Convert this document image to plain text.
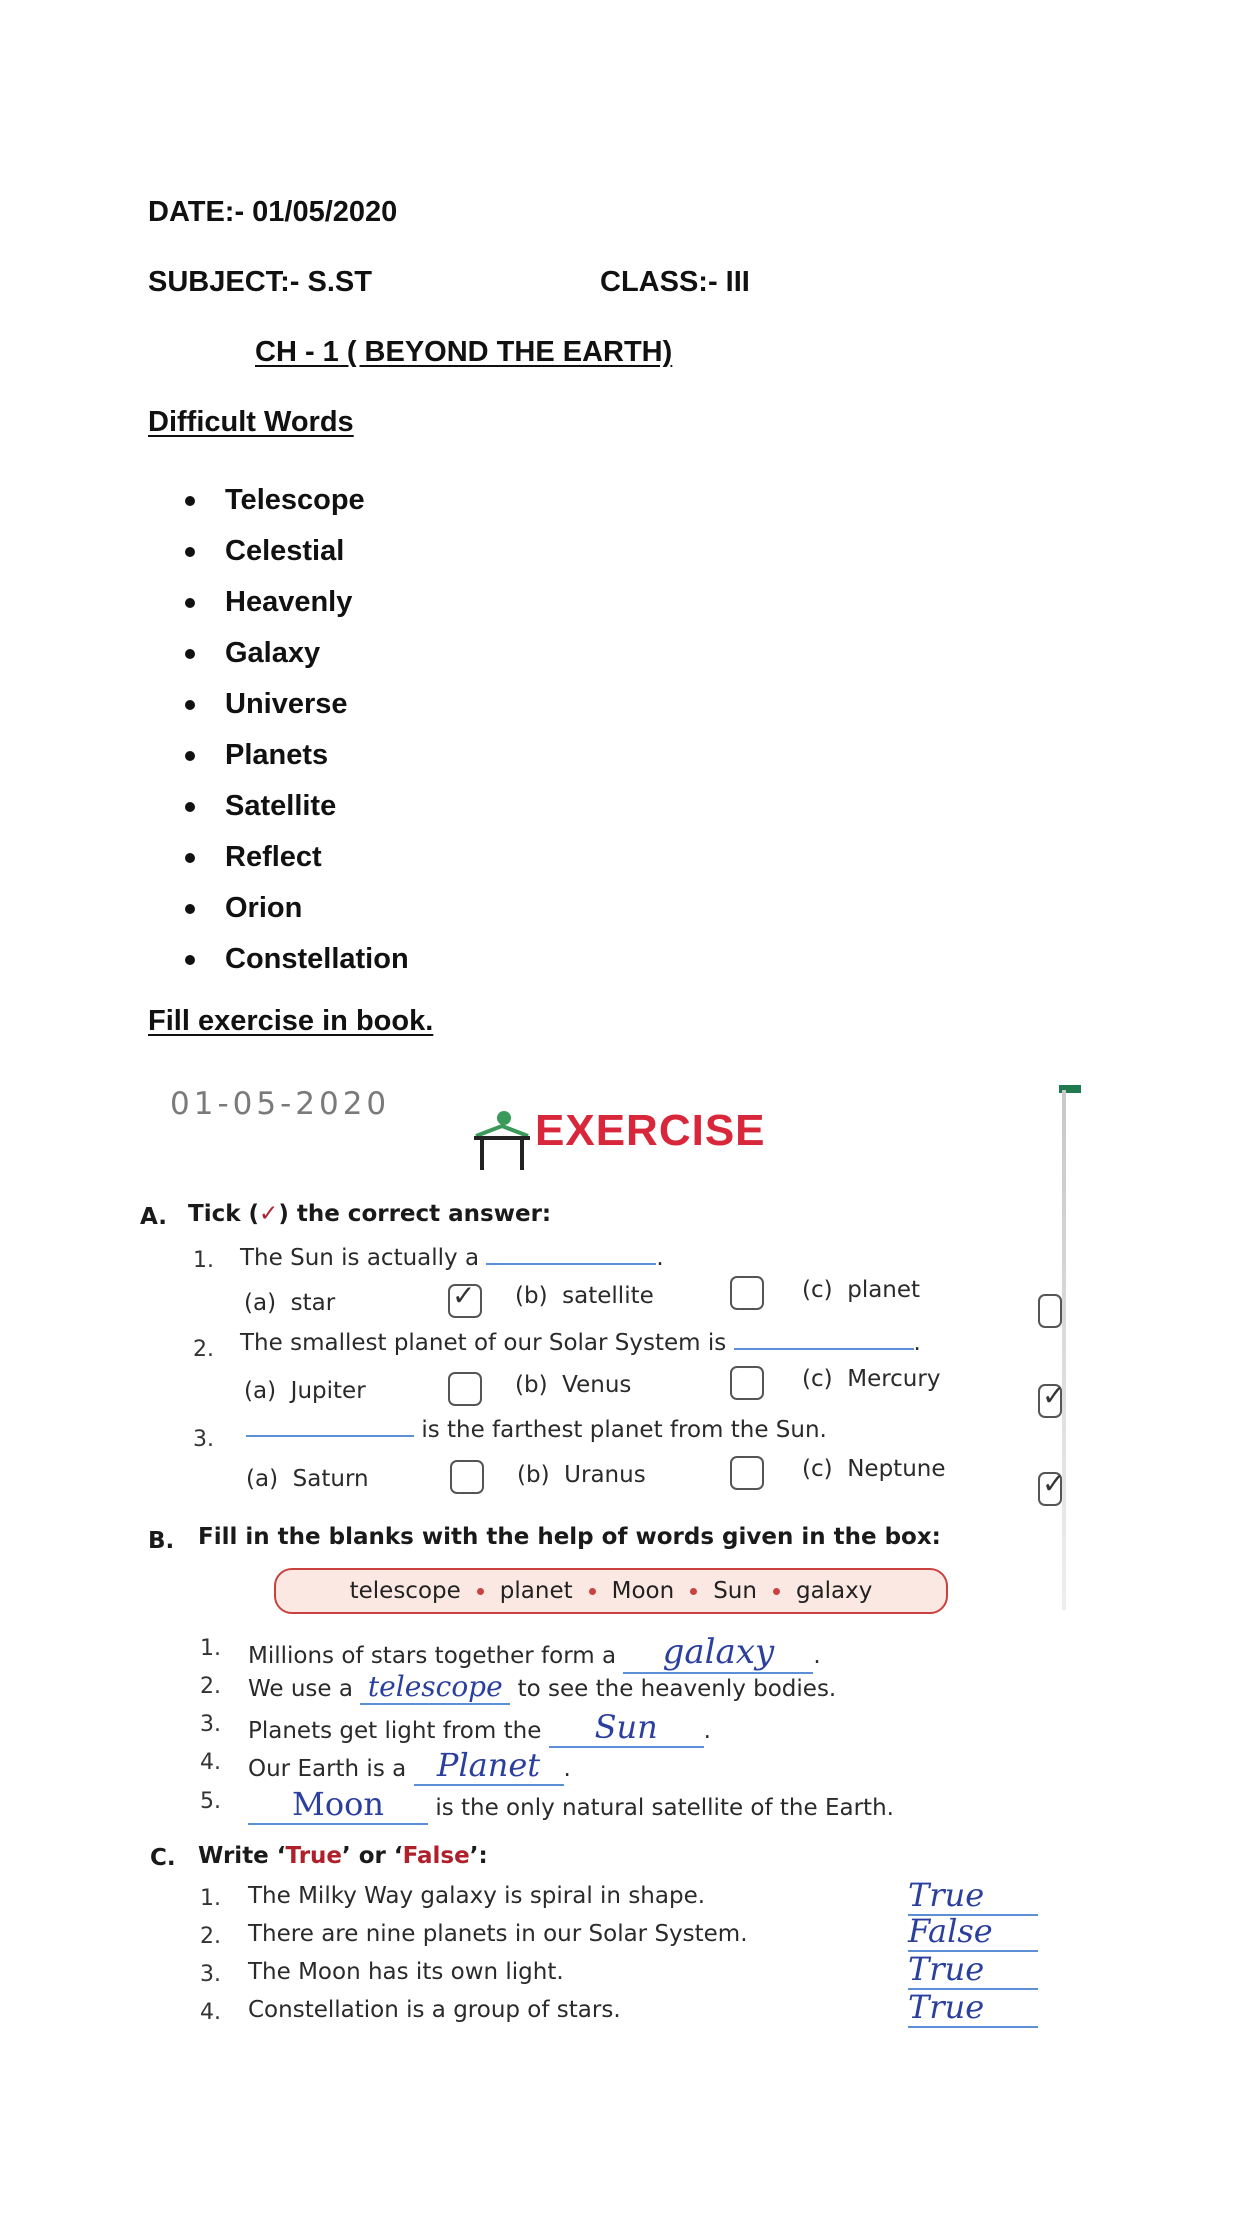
DATE:- 01/05/2020
SUBJECT:- S.ST	CLASS:- III
CH - 1 ( BEYOND THE EARTH)
Difficult Words
Telescope
Celestial
Heavenly
Galaxy
Universe
Planets
Satellite
Reflect
Orion
Constellation
Fill exercise in book.
01-05-2020
EXERCISE
A. Tick (✓) the correct answer:
1. The Sun is actually a	.
(a) star	✓ (b) satellite	(c) planet
2. The smallest planet of our Solar System is	.
(a) Jupiter	(b) Venus	(c) Mercury
✓
3.	is the farthest planet from the Sun.
(a) Saturn	(b) Uranus	(c) Neptune	✓
B. Fill in the blanks with the help of words given in the box:
telescope	planet	Moon	Sun	galaxy
1. Millions of stars together form a galaxy .
2. We use a telescope to see the heavenly bodies.
3. Planets get light from the Sun .
4. Our Earth is a Planet .
5.	Moon is the only natural satellite of the Earth.
C. Write ‘True’ or ‘False’:
1. The Milky Way galaxy is spiral in shape.	True
2. There are nine planets in our Solar System.	False
3. The Moon has its own light.	True
4. Constellation is a group of stars.	True
